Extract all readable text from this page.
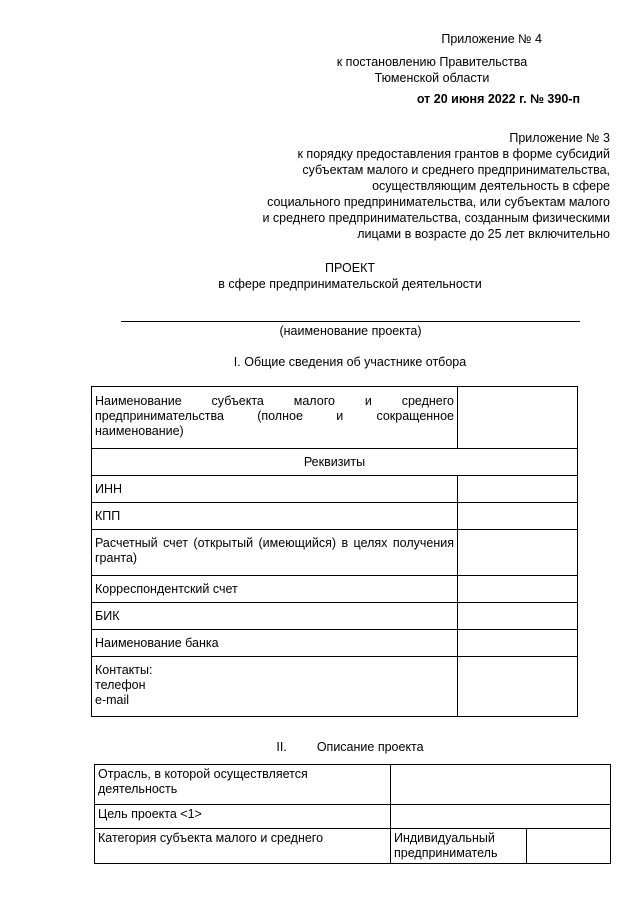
Приложение № 4
к постановлению Правительства
Тюменской области
от 20 июня 2022 г. № 390-п
Приложение № 3
к порядку предоставления грантов в форме субсидий
субъектам малого и среднего предпринимательства,
осуществляющим деятельность в сфере
социального предпринимательства, или субъектам малого
и среднего предпринимательства, созданным физическими
лицами в возрасте до 25 лет включительно
ПРОЕКТ
в сфере предпринимательской деятельности
(наименование проекта)
I. Общие сведения об участнике отбора
Наименование субъекта малого и среднего предпринимательства (полное и сокращенное наименование)	
Реквизиты	
ИНН	
КПП	
Расчетный счет (открытый (имеющийся) в целях получения гранта)	
Корреспондентский счет	
БИК	
Наименование банка	

Контакты:
телефон
e-mail	

II. Описание проекта
Отрасль, в которой осуществляется деятельность		
Цель проекта <1>		
Категория субъекта малого и среднего	Индивидуальный предприниматель	
